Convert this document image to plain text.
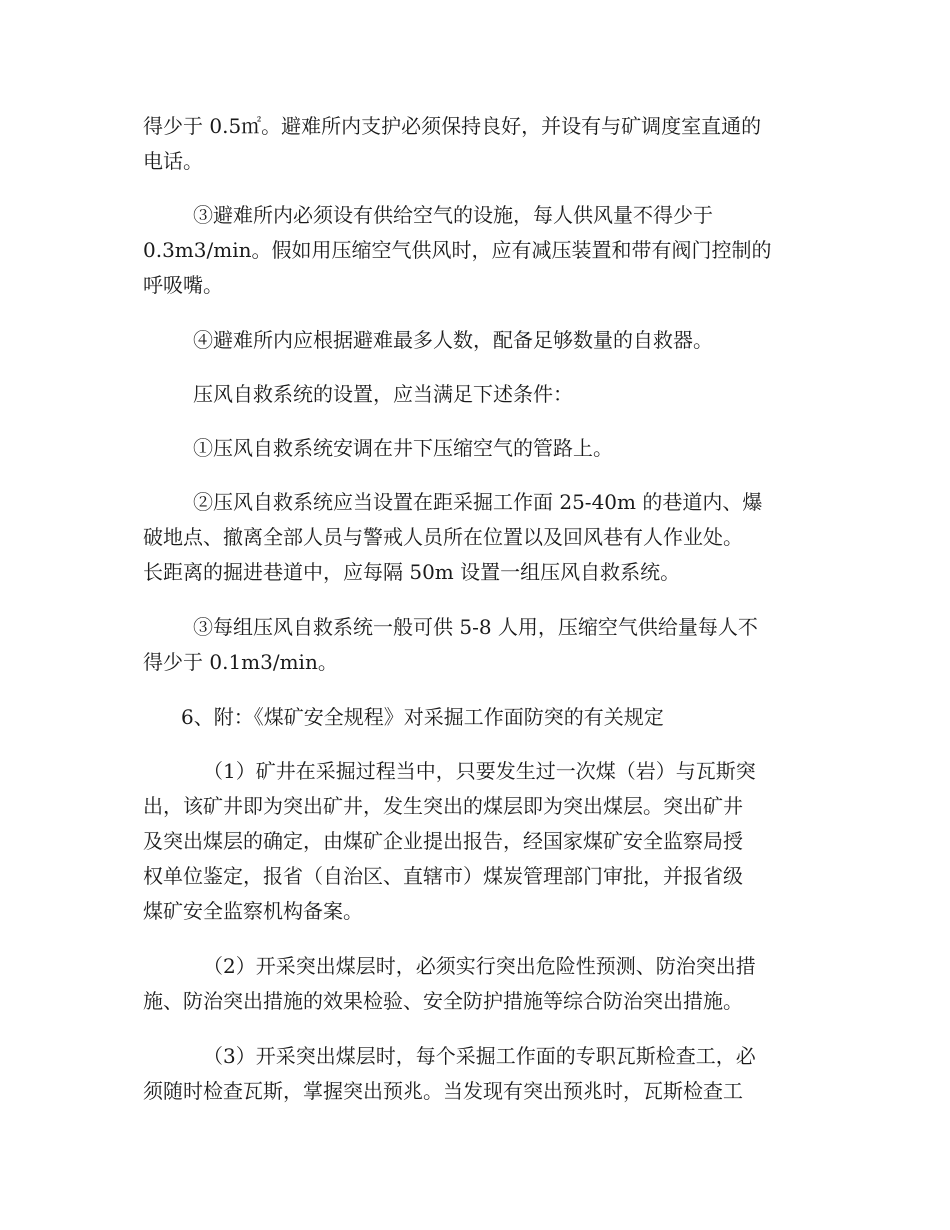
得少于 0.5㎡。避难所内支护必须保持良好，并设有与矿调度室直通的
电话。
③避难所内必须设有供给空气的设施，每人供风量不得少于
0.3m3/min。假如用压缩空气供风时，应有减压装置和带有阀门控制的
呼吸嘴。
④避难所内应根据避难最多人数，配备足够数量的自救器。
压风自救系统的设置，应当满足下述条件：
①压风自救系统安调在井下压缩空气的管路上。
②压风自救系统应当设置在距采掘工作面 25-40m 的巷道内、爆
破地点、撤离全部人员与警戒人员所在位置以及回风巷有人作业处。
长距离的掘进巷道中，应每隔 50m 设置一组压风自救系统。
③每组压风自救系统一般可供 5-8 人用，压缩空气供给量每人不
得少于 0.1m3/min。
6、附：《煤矿安全规程》对采掘工作面防突的有关规定
（1）矿井在采掘过程当中，只要发生过一次煤（岩）与瓦斯突
出，该矿井即为突出矿井，发生突出的煤层即为突出煤层。突出矿井
及突出煤层的确定，由煤矿企业提出报告，经国家煤矿安全监察局授
权单位鉴定，报省（自治区、直辖市）煤炭管理部门审批，并报省级
煤矿安全监察机构备案。
（2）开采突出煤层时，必须实行突出危险性预测、防治突出措
施、防治突出措施的效果检验、安全防护措施等综合防治突出措施。
（3）开采突出煤层时，每个采掘工作面的专职瓦斯检查工，必
须随时检查瓦斯，掌握突出预兆。当发现有突出预兆时，瓦斯检查工
